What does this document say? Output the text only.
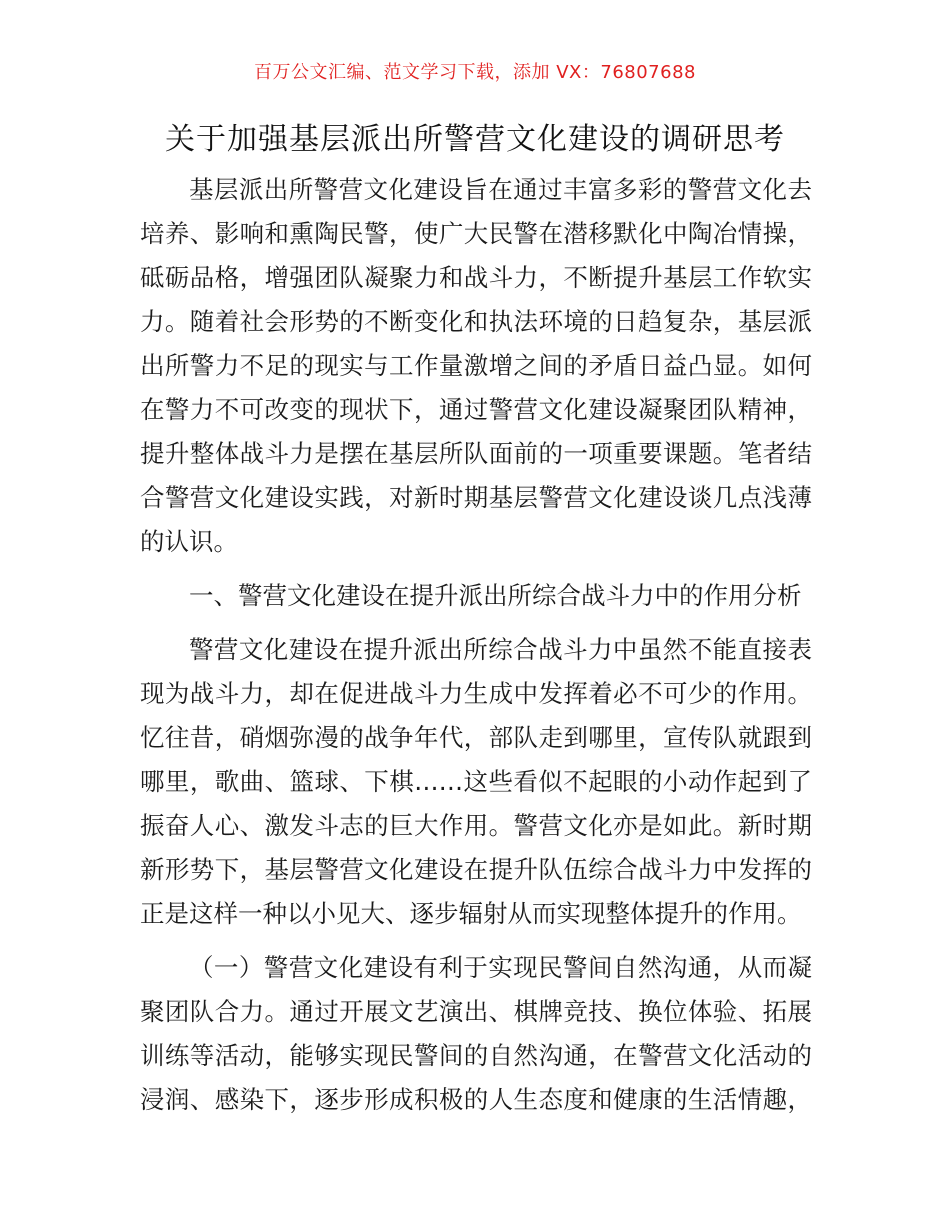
百万公文汇编、范文学习下载，添加 VX：76807688
关于加强基层派出所警营文化建设的调研思考
基层派出所警营文化建设旨在通过丰富多彩的警营文化去
培养、影响和熏陶民警，使广大民警在潜移默化中陶冶情操，
砥砺品格，增强团队凝聚力和战斗力，不断提升基层工作软实
力。随着社会形势的不断变化和执法环境的日趋复杂，基层派
出所警力不足的现实与工作量激增之间的矛盾日益凸显。如何
在警力不可改变的现状下，通过警营文化建设凝聚团队精神，
提升整体战斗力是摆在基层所队面前的一项重要课题。笔者结
合警营文化建设实践，对新时期基层警营文化建设谈几点浅薄
的认识。
一、警营文化建设在提升派出所综合战斗力中的作用分析
警营文化建设在提升派出所综合战斗力中虽然不能直接表
现为战斗力，却在促进战斗力生成中发挥着必不可少的作用。
忆往昔，硝烟弥漫的战争年代，部队走到哪里，宣传队就跟到
哪里，歌曲、篮球、下棋……这些看似不起眼的小动作起到了
振奋人心、激发斗志的巨大作用。警营文化亦是如此。新时期
新形势下，基层警营文化建设在提升队伍综合战斗力中发挥的
正是这样一种以小见大、逐步辐射从而实现整体提升的作用。
（一）警营文化建设有利于实现民警间自然沟通，从而凝
聚团队合力。通过开展文艺演出、棋牌竞技、换位体验、拓展
训练等活动，能够实现民警间的自然沟通，在警营文化活动的
浸润、感染下，逐步形成积极的人生态度和健康的生活情趣，
